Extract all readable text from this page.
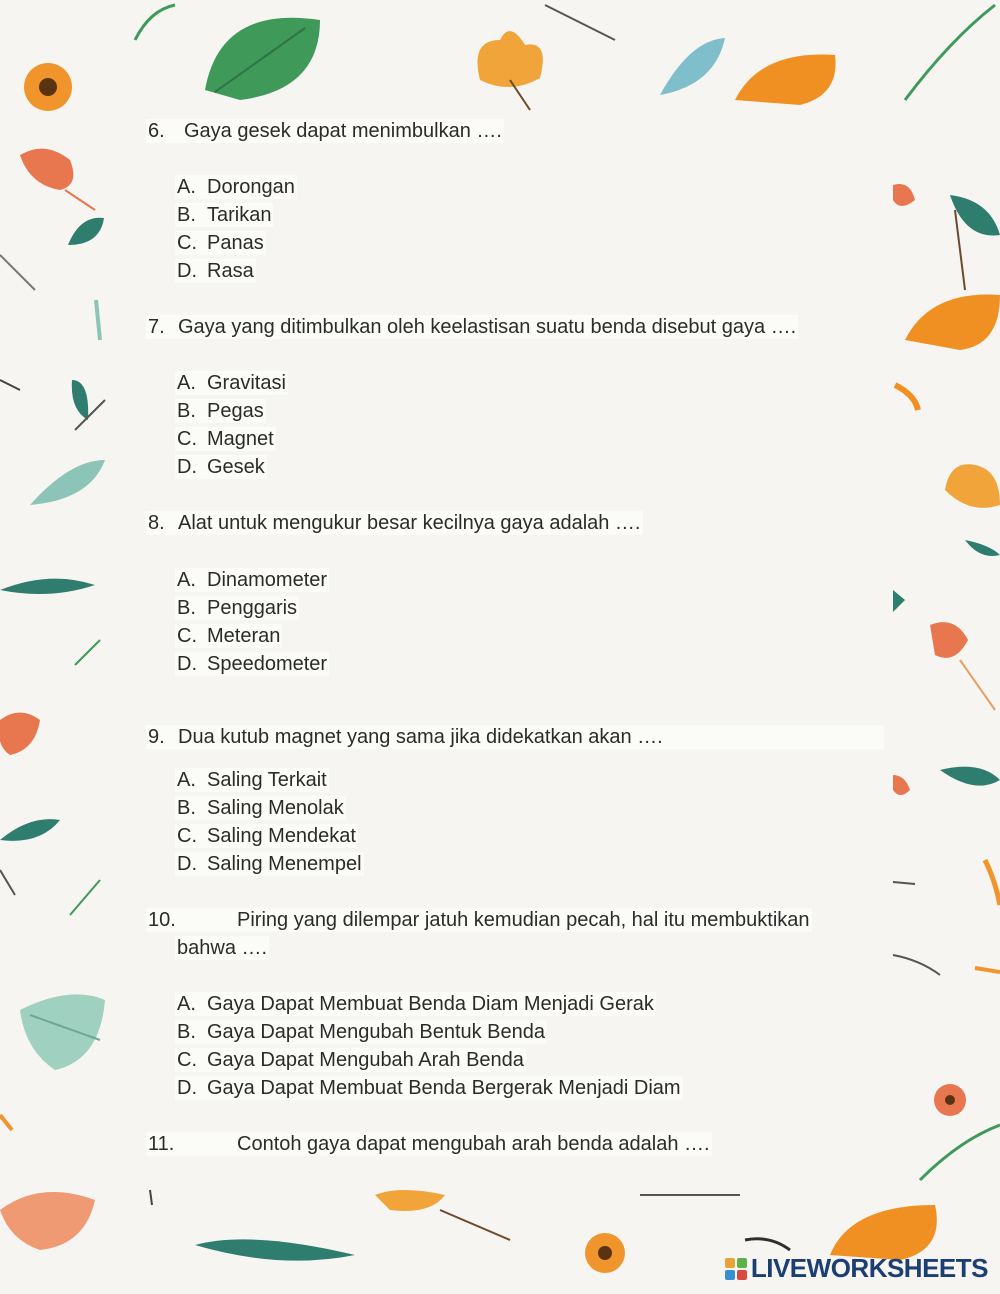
6. Gaya gesek dapat menimbulkan ….
A. Dorongan
B. Tarikan
C. Panas
D. Rasa
7. Gaya yang ditimbulkan oleh keelastisan suatu benda disebut gaya ….
A. Gravitasi
B. Pegas
C. Magnet
D. Gesek
8. Alat untuk mengukur besar kecilnya gaya adalah ….
A. Dinamometer
B. Penggaris
C. Meteran
D. Speedometer
9. Dua kutub magnet yang sama jika didekatkan akan ….
A. Saling Terkait
B. Saling Menolak
C. Saling Mendekat
D. Saling Menempel
10.	Piring yang dilempar jatuh kemudian pecah, hal itu membuktikan
bahwa ….
A. Gaya Dapat Membuat Benda Diam Menjadi Gerak
B. Gaya Dapat Mengubah Bentuk Benda
C. Gaya Dapat Mengubah Arah Benda
D. Gaya Dapat Membuat Benda Bergerak Menjadi Diam
11.	Contoh gaya dapat mengubah arah benda adalah ….
LIVEWORKSHEETS
